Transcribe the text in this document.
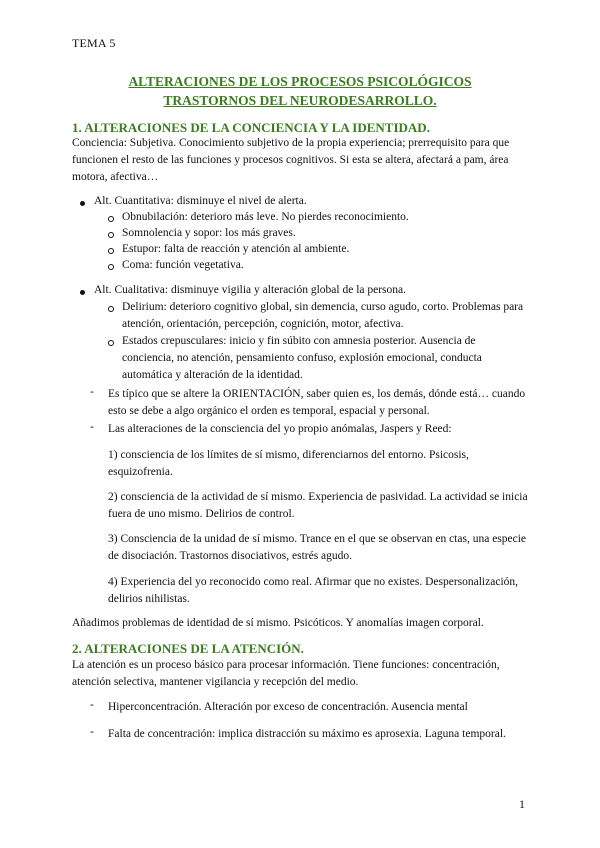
TEMA 5
ALTERACIONES DE LOS PROCESOS PSICOLÓGICOS
TRASTORNOS DEL NEURODESARROLLO.
1. ALTERACIONES DE LA CONCIENCIA Y LA IDENTIDAD.
Conciencia: Subjetiva. Conocimiento subjetivo de la propia experiencia; prerrequisito para que funcionen el resto de las funciones y procesos cognitivos. Si esta se altera, afectará a pam, área motora, afectiva…
Alt. Cuantitativa: disminuye el nivel de alerta.
Obnubilación: deterioro más leve. No pierdes reconocimiento.
Somnolencia y sopor: los más graves.
Estupor: falta de reacción y atención al ambiente.
Coma: función vegetativa.
Alt. Cualitativa: disminuye vigilia y alteración global de la persona.
Delirium: deterioro cognitivo global, sin demencia, curso agudo, corto. Problemas para atención, orientación, percepción, cognición, motor, afectiva.
Estados crepusculares: inicio y fin súbito con amnesia posterior. Ausencia de conciencia, no atención, pensamiento confuso, explosión emocional, conducta automática y alteración de la identidad.
- Es típico que se altere la ORIENTACIÓN, saber quien es, los demás, dónde está… cuando esto se debe a algo orgánico el orden es temporal, espacial y personal.
- Las alteraciones de la consciencia del yo propio anómalas, Jaspers y Reed:
1) consciencia de los límites de sí mismo, diferenciarnos del entorno. Psicosis, esquizofrenia.
2) consciencia de la actividad de sí mismo. Experiencia de pasividad. La actividad se inicia fuera de uno mismo. Delirios de control.
3) Consciencia de la unidad de sí mismo. Trance en el que se observan en ctas, una especie de disociación. Trastornos disociativos, estrés agudo.
4) Experiencia del yo reconocido como real. Afirmar que no existes. Despersonalización, delirios nihilistas.
Añadimos problemas de identidad de sí mismo. Psicóticos. Y anomalías imagen corporal.
2. ALTERACIONES DE LA ATENCIÓN.
La atención es un proceso básico para procesar información. Tiene funciones: concentración, atención selectiva, mantener vigilancia y recepción del medio.
- Hiperconcentración. Alteración por exceso de concentración. Ausencia mental
- Falta de concentración: implica distracción su máximo es aprosexia. Laguna temporal.
1
